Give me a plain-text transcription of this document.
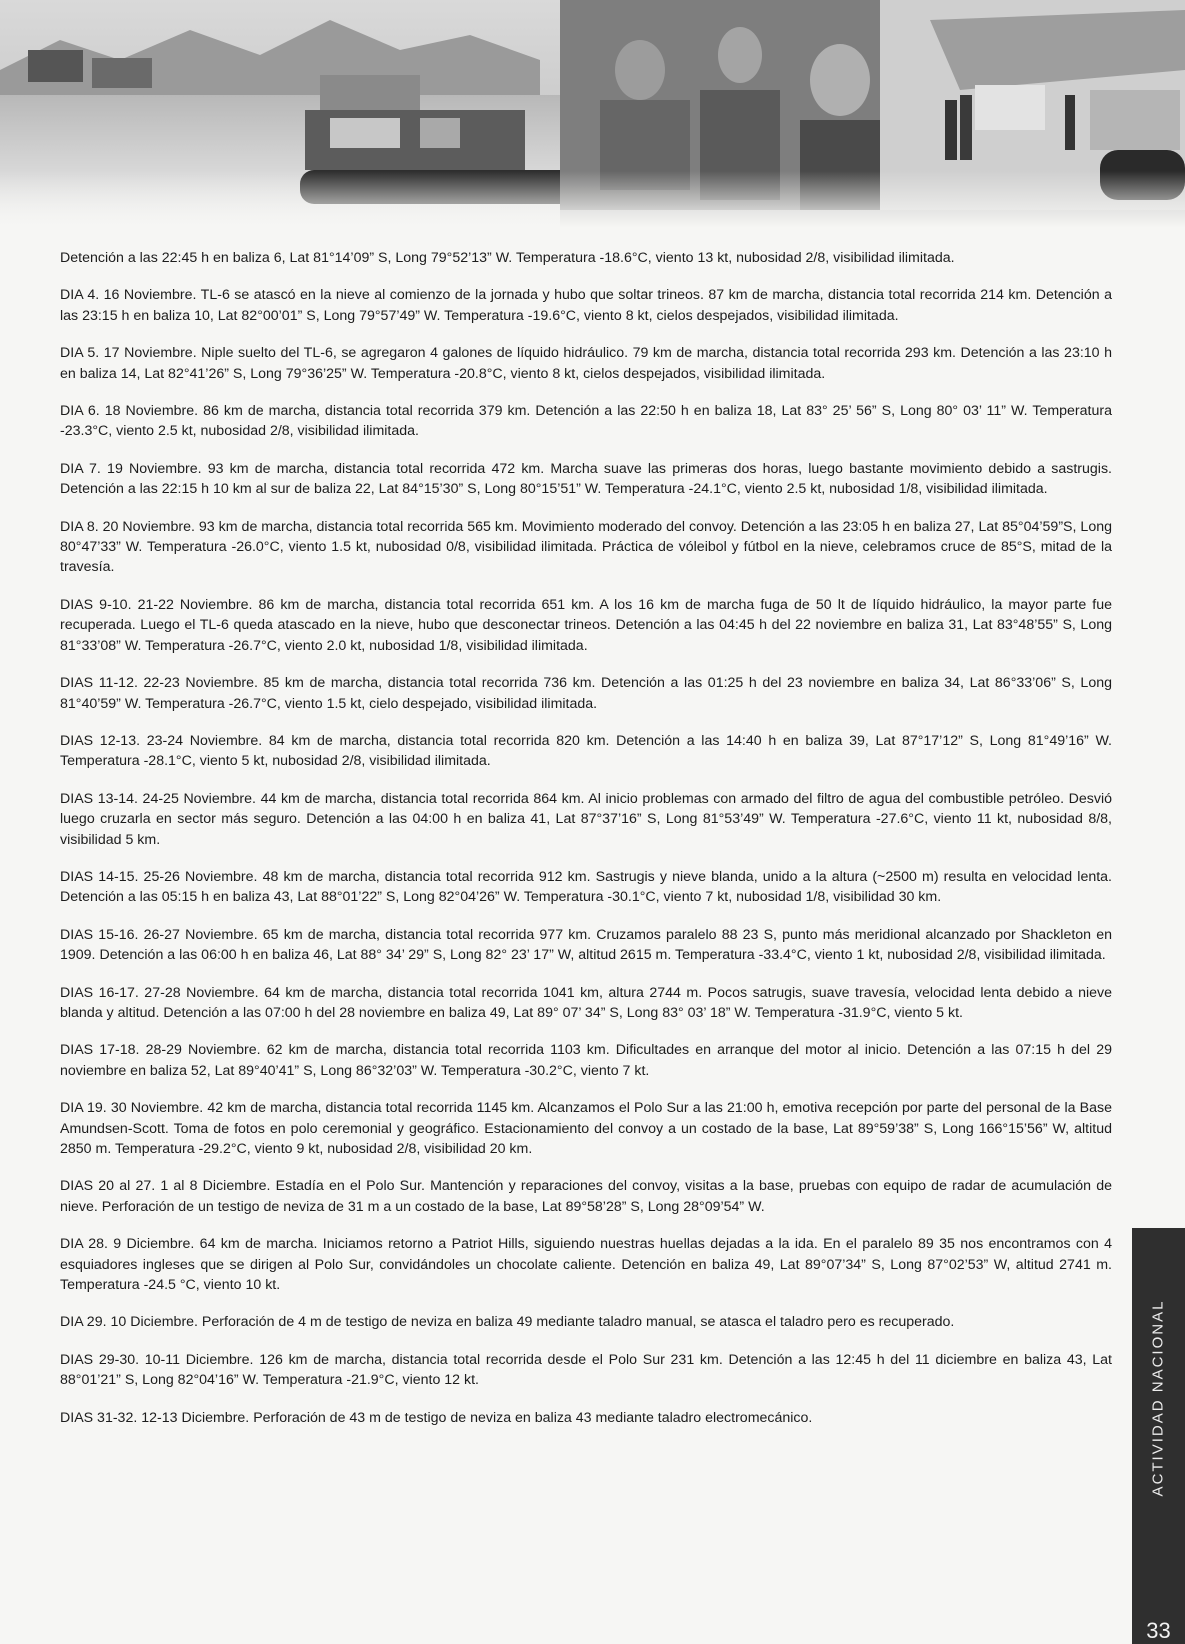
Detención a las 22:45 h en baliza 6, Lat 81°14’09” S, Long 79°52’13” W. Temperatura -18.6°C, viento 13 kt, nubosidad 2/8, visibilidad ilimitada.

DIA 4. 16 Noviembre. TL-6 se atascó en la nieve al comienzo de la jornada y hubo que soltar trineos. 87 km de marcha, distancia total recorrida 214 km. Detención a las 23:15 h en baliza 10, Lat 82°00’01” S, Long 79°57’49” W. Temperatura -19.6°C, viento 8 kt, cielos despejados, visibilidad ilimitada.

DIA 5. 17 Noviembre. Niple suelto del TL-6, se agregaron 4 galones de líquido hidráulico. 79 km de marcha, distancia total recorrida 293 km. Detención a las 23:10 h en baliza 14, Lat 82°41’26” S, Long 79°36’25” W. Temperatura -20.8°C, viento 8 kt, cielos despejados, visibilidad ilimitada.

DIA 6. 18 Noviembre. 86 km de marcha, distancia total recorrida 379 km. Detención a las 22:50 h en baliza 18, Lat 83° 25’ 56” S, Long 80° 03’ 11” W. Temperatura -23.3°C, viento 2.5 kt, nubosidad 2/8, visibilidad ilimitada.

DIA 7. 19 Noviembre. 93 km de marcha, distancia total recorrida 472 km. Marcha suave las primeras dos horas, luego bastante movimiento debido a sastrugis. Detención a las 22:15 h 10 km al sur de baliza 22, Lat 84°15’30” S, Long 80°15’51” W. Temperatura -24.1°C, viento 2.5 kt, nubosidad 1/8, visibilidad ilimitada.

DIA 8. 20 Noviembre. 93 km de marcha, distancia total recorrida 565 km. Movimiento moderado del convoy. Detención a las 23:05 h en baliza 27, Lat 85°04’59”S, Long 80°47’33” W. Temperatura -26.0°C, viento 1.5 kt, nubosidad 0/8, visibilidad ilimitada. Práctica de vóleibol y fútbol en la nieve, celebramos cruce de 85°S, mitad de la travesía.

DIAS 9-10. 21-22 Noviembre. 86 km de marcha, distancia total recorrida 651 km. A los 16 km de marcha fuga de 50 lt de líquido hidráulico, la mayor parte fue recuperada. Luego el TL-6 queda atascado en la nieve, hubo que desconectar trineos. Detención a las 04:45 h del 22 noviembre en baliza 31, Lat 83°48’55” S, Long 81°33’08” W. Temperatura -26.7°C, viento 2.0 kt, nubosidad 1/8, visibilidad ilimitada.

DIAS 11-12. 22-23 Noviembre. 85 km de marcha, distancia total recorrida 736 km. Detención a las 01:25 h del 23 noviembre en baliza 34, Lat 86°33’06” S, Long 81°40’59” W. Temperatura -26.7°C, viento 1.5 kt, cielo despejado, visibilidad ilimitada.

DIAS 12-13. 23-24 Noviembre. 84 km de marcha, distancia total recorrida 820 km. Detención a las 14:40 h en baliza 39, Lat 87°17’12” S, Long 81°49’16” W. Temperatura -28.1°C, viento 5 kt, nubosidad 2/8, visibilidad ilimitada.

DIAS 13-14. 24-25 Noviembre. 44 km de marcha, distancia total recorrida 864 km. Al inicio problemas con armado del filtro de agua del combustible petróleo. Desvió luego cruzarla en sector más seguro. Detención a las 04:00 h en baliza 41, Lat 87°37’16” S, Long 81°53’49” W. Temperatura -27.6°C, viento 11 kt, nubosidad 8/8, visibilidad 5 km.

DIAS 14-15. 25-26 Noviembre. 48 km de marcha, distancia total recorrida 912 km. Sastrugis y nieve blanda, unido a la altura (~2500 m) resulta en velocidad lenta. Detención a las 05:15 h en baliza 43, Lat 88°01’22” S, Long 82°04’26” W. Temperatura -30.1°C, viento 7 kt, nubosidad 1/8, visibilidad 30 km.

DIAS 15-16. 26-27 Noviembre. 65 km de marcha, distancia total recorrida 977 km. Cruzamos paralelo 88 23 S, punto más meridional alcanzado por Shackleton en 1909. Detención a las 06:00 h en baliza 46, Lat 88° 34’ 29” S, Long 82° 23’ 17” W, altitud 2615 m. Temperatura -33.4°C, viento 1 kt, nubosidad 2/8, visibilidad ilimitada.

DIAS 16-17. 27-28 Noviembre. 64 km de marcha, distancia total recorrida 1041 km, altura 2744 m. Pocos satrugis, suave travesía, velocidad lenta debido a nieve blanda y altitud. Detención a las 07:00 h del 28 noviembre en baliza 49, Lat 89° 07’ 34” S, Long 83° 03’ 18” W. Temperatura -31.9°C, viento 5 kt.

DIAS 17-18. 28-29 Noviembre. 62 km de marcha, distancia total recorrida 1103 km. Dificultades en arranque del motor al inicio. Detención a las 07:15 h del 29 noviembre en baliza 52, Lat 89°40’41” S, Long 86°32’03” W. Temperatura -30.2°C, viento 7 kt.

DIA 19. 30 Noviembre. 42 km de marcha, distancia total recorrida 1145 km. Alcanzamos el Polo Sur a las 21:00 h, emotiva recepción por parte del personal de la Base Amundsen-Scott. Toma de fotos en polo ceremonial y geográfico. Estacionamiento del convoy a un costado de la base, Lat 89°59’38” S, Long 166°15’56” W, altitud 2850 m. Temperatura -29.2°C, viento 9 kt, nubosidad 2/8, visibilidad 20 km.

DIAS 20 al 27. 1 al 8 Diciembre. Estadía en el Polo Sur. Mantención y reparaciones del convoy, visitas a la base, pruebas con equipo de radar de acumulación de nieve. Perforación de un testigo de neviza de 31 m a un costado de la base, Lat 89°58’28” S, Long 28°09’54” W.

DIA 28. 9 Diciembre. 64 km de marcha. Iniciamos retorno a Patriot Hills, siguiendo nuestras huellas dejadas a la ida. En el paralelo 89 35 nos encontramos con 4 esquiadores ingleses que se dirigen al Polo Sur, convidándoles un chocolate caliente. Detención en baliza 49, Lat 89°07’34” S, Long 87°02’53” W, altitud 2741 m. Temperatura -24.5 °C, viento 10 kt.

DIA 29. 10 Diciembre. Perforación de 4 m de testigo de neviza en baliza 49 mediante taladro manual, se atasca el taladro pero es recuperado.

DIAS 29-30. 10-11 Diciembre. 126 km de marcha, distancia total recorrida desde el Polo Sur 231 km. Detención a las 12:45 h del 11 diciembre en baliza 43, Lat 88°01’21” S, Long 82°04’16” W. Temperatura -21.9°C, viento 12 kt.

DIAS 31-32. 12-13 Diciembre. Perforación de 43 m de testigo de neviza en baliza 43 mediante taladro electromecánico.	ACTIVIDAD NACIONAL
33
